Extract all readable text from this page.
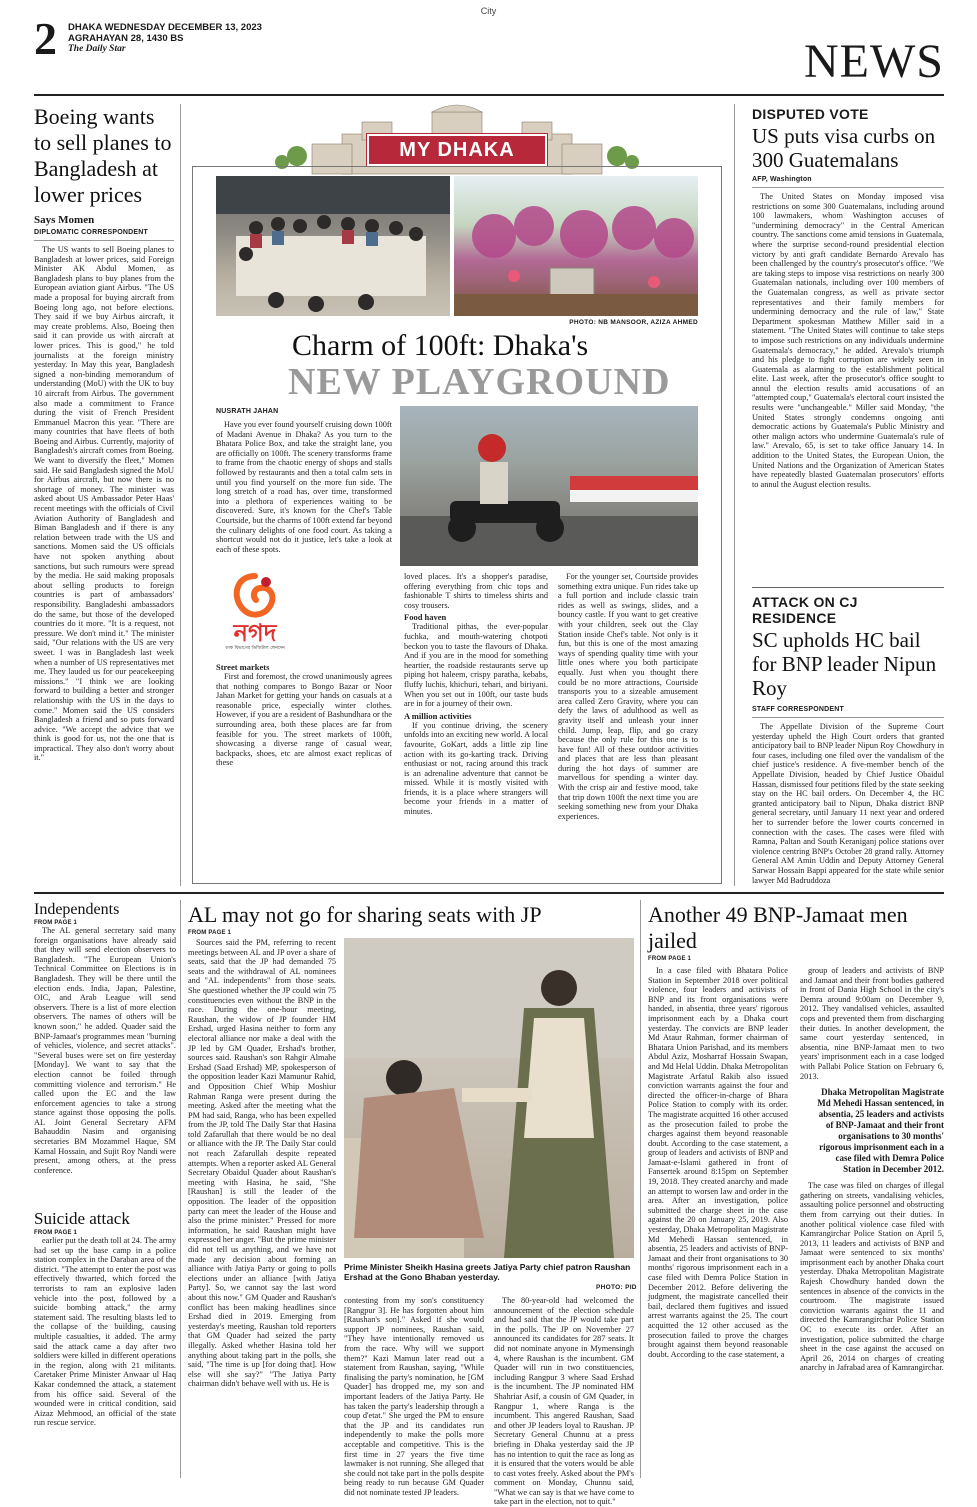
City
2 DHAKA WEDNESDAY DECEMBER 13, 2023
AGRAHAYAN 28, 1430 BS
The Daily Star	NEWS
Boeing wants to sell planes to Bangladesh at lower prices
Says Momen
DIPLOMATIC CORRESPONDENT
The US wants to sell Boeing planes to Bangladesh at lower prices, said Foreign Minister AK Abdul Momen, as Bangladesh plans to buy planes from the European aviation giant Airbus. "The US made a proposal for buying aircraft from Boeing long ago, not before elections. They said if we buy Airbus aircraft, it may create problems. Also, Boeing then said it can provide us with aircraft at lower prices. This is good," he told journalists at the foreign ministry yesterday. In May this year, Bangladesh signed a non-binding memorandum of understanding (MoU) with the UK to buy 10 aircraft from Airbus. The government also made a commitment to France during the visit of French President Emmanuel Macron this year. "There are many countries that have fleets of both Boeing and Airbus. Currently, majority of Bangladesh's aircraft comes from Boeing. We want to diversify the fleet," Momen said. He said Bangladesh signed the MoU for Airbus aircraft, but now there is no shortage of money. The minister was asked about US Ambassador Peter Haas' recent meetings with the officials of Civil Aviation Authority of Bangladesh and Biman Bangladesh and if there is any relation between trade with the US and sanctions. Momen said the US officials have not spoken anything about sanctions, but such rumours were spread by the media. He said making proposals about selling products to foreign countries is part of ambassadors' responsibility. Bangladeshi ambassadors do the same, but those of the developed countries do it more. "It is a request, not pressure. We don't mind it." The minister said, "Our relations with the US are very sweet. I was in Bangladesh last week when a number of US representatives met me. They lauded us for our peacekeeping missions." "I think we are looking forward to building a better and stronger relationship with the US in the days to come." Momen said the US considers Bangladesh a friend and so puts forward advice. "We accept the advice that we think is good for us, not the one that is impractical. They also don't worry about it."
MY DHAKA
PHOTO: NB MANSOOR, AZIZA AHMED
Charm of 100ft: Dhaka's
NEW PLAYGROUND
NUSRATH JAHAN
Have you ever found yourself cruising down 100ft of Madani Avenue in Dhaka? As you turn to the Bhatara Police Box, and take the straight lane, you are officially on 100ft. The scenery transforms frame to frame from the chaotic energy of shops and stalls followed by restaurants and then a total calm sets in until you find yourself on the more fun side. The long stretch of a road has, over time, transformed into a plethora of experiences waiting to be discovered. Sure, it's known for the Chef's Table Courtside, but the charms of 100ft extend far beyond the culinary delights of one food court. As taking a shortcut would not do it justice, let's take a look at each of these spots.
নগদ
ডাক বিভাগের ডিজিটাল লেনদেন
Street markets
First and foremost, the crowd unanimously agrees that nothing compares to Bongo Bazar or Noor Jahan Market for getting your hands on casuals at a reasonable price, especially winter clothes. However, if you are a resident of Bashundhara or the surrounding area, both these places are far from feasible for you. The street markets of 100ft, showcasing a diverse range of casual wear, backpacks, shoes, etc are almost exact replicas of these
loved places. It's a shopper's paradise, offering everything from chic tops and fashionable T shirts to timeless shirts and cosy trousers.
Food haven
Traditional pithas, the ever-popular fuchka, and mouth-watering chotpoti beckon you to taste the flavours of Dhaka. And if you are in the mood for something heartier, the roadside restaurants serve up piping hot haleem, crispy paratha, kebabs, fluffy luchis, khichuri, tehari, and biriyani. When you set out in 100ft, our taste buds are in for a journey of their own.
A million activities
If you continue driving, the scenery unfolds into an exciting new world. A local favourite, GoKart, adds a little zip line action with its go-karting track. Driving enthusiast or not, racing around this track is an adrenaline adventure that cannot be missed. While it is mostly visited with friends, it is a place where strangers will become your friends in a matter of minutes.
For the younger set, Courtside provides something extra unique. Fun rides take up a full portion and include classic train rides as well as swings, slides, and a bouncy castle. If you want to get creative with your children, seek out the Clay Station inside Chef's table. Not only is it fun, but this is one of the most amazing ways of spending quality time with your little ones where you both participate equally. Just when you thought there could be no more attractions, Courtside transports you to a sizeable amusement area called Zero Gravity, where you can defy the laws of adulthood as well as gravity itself and unleash your inner child. Jump, leap, flip, and go crazy because the only rule for this one is to have fun! All of these outdoor activities and places that are less than pleasant during the hot days of summer are marvellous for spending a winter day. With the crisp air and festive mood, take that trip down 100ft the next time you are seeking something new from your Dhaka experiences.
DISPUTED VOTE
US puts visa curbs on 300 Guatemalans
AFP, Washington
The United States on Monday imposed visa restrictions on some 300 Guatemalans, including around 100 lawmakers, whom Washington accuses of "undermining democracy" in the Central American country. The sanctions come amid tensions in Guatemala, where the surprise second-round presidential election victory by anti graft candidate Bernardo Arevalo has been challenged by the country's prosecutor's office. "We are taking steps to impose visa restrictions on nearly 300 Guatemalan nationals, including over 100 members of the Guatemalan congress, as well as private sector representatives and their family members for undermining democracy and the rule of law," State Department spokesman Matthew Miller said in a statement. "The United States will continue to take steps to impose such restrictions on any individuals undermine Guatemala's democracy," he added. Arevalo's triumph and his pledge to fight corruption are widely seen in Guatemala as alarming to the establishment political elite. Last week, after the prosecutor's office sought to annul the election results amid accusations of an "attempted coup," Guatemala's electoral court insisted the results were "unchangeable." Miller said Monday, "the United States strongly condemns ongoing anti democratic actions by Guatemala's Public Ministry and other malign actors who undermine Guatemala's rule of law." Arevalo, 65, is set to take office January 14. In addition to the United States, the European Union, the United Nations and the Organization of American States have repeatedly blasted Guatemalan prosecutors' efforts to annul the August election results.
ATTACK ON CJ RESIDENCE
SC upholds HC bail for BNP leader Nipun Roy
STAFF CORRESPONDENT
The Appellate Division of the Supreme Court yesterday upheld the High Court orders that granted anticipatory bail to BNP leader Nipun Roy Chowdhury in four cases, including one filed over the vandalism of the chief justice's residence. A five-member bench of the Appellate Division, headed by Chief Justice Obaidul Hassan, dismissed four petitions filed by the state seeking stay on the HC bail orders. On December 4, the HC granted anticipatory bail to Nipun, Dhaka district BNP general secretary, until January 11 next year and ordered her to surrender before the lower courts concerned in connection with the cases. The cases were filed with Ramna, Paltan and South Keraniganj police stations over violence centring BNP's October 28 grand rally. Attorney General AM Amin Uddin and Deputy Attorney General Sarwar Hossain Bappi appeared for the state while senior lawyer Md Badruddoza
Independents
FROM PAGE 1
The AL general secretary said many foreign organisations have already said that they will send election observers to Bangladesh. "The European Union's Technical Committee on Elections is in Bangladesh. They will be there until the election ends. India, Japan, Palestine, OIC, and Arab League will send observers. There is a list of more election observers. The names of others will be known soon," he added. Quader said the BNP-Jamaat's programmes mean "burning of vehicles, violence, and secret attacks". "Several buses were set on fire yesterday [Monday]. We want to say that the election cannot be foiled through committing violence and terrorism." He called upon the EC and the law enforcement agencies to take a strong stance against those opposing the polls. AL Joint General Secretary AFM Bahauddin Nasim and organising secretaries BM Mozammel Haque, SM Kamal Hossain, and Sujit Roy Nandi were present, among others, at the press conference.
Suicide attack
FROM PAGE 1
earlier put the death toll at 24. The army had set up the base camp in a police station complex in the Daraban area of the district. "The attempt to enter the post was effectively thwarted, which forced the terrorists to ram an explosive laden vehicle into the post, followed by a suicide bombing attack," the army statement said. The resulting blasts led to the collapse of the building, causing multiple casualties, it added. The army said the attack came a day after two soldiers were killed in different operations in the region, along with 21 militants. Caretaker Prime Minister Anwaar ul Haq Kakar condemned the attack, a statement from his office said. Several of the wounded were in critical condition, said Aizaz Mehmood, an official of the state run rescue service.
AL may not go for sharing seats with JP
FROM PAGE 1
Sources said the PM, referring to recent meetings between AL and JP over a share of seats, said that the JP had demanded 75 seats and the withdrawal of AL nominees and "AL independents" from those seats. She questioned whether the JP could win 75 constituencies even without the BNP in the race. During the one-hour meeting, Raushan, the widow of JP founder HM Ershad, urged Hasina neither to form any electoral alliance nor make a deal with the JP led by GM Quader, Ershad's brother, sources said. Raushan's son Rahgir Almahe Ershad (Saad Ershad) MP, spokesperson of the opposition leader Kazi Mamunur Rahid, and Opposition Chief Whip Moshiur Rahman Ranga were present during the meeting. Asked after the meeting what the PM had said, Ranga, who has been expelled from the JP, told The Daily Star that Hasina told Zafarullah that there would be no deal or alliance with the JP. The Daily Star could not reach Zafarullah despite repeated attempts. When a reporter asked AL General Secretary Obaidul Quader about Raushan's meeting with Hasina, he said, "She [Raushan] is still the leader of the opposition. The leader of the opposition party can meet the leader of the House and also the prime minister." Pressed for more information, he said Raushan might have expressed her anger. "But the prime minister did not tell us anything, and we have not made any decision about forming an alliance with Jatiya Party or going to polls elections under an alliance [with Jatiya Party]. So, we cannot say the last word about this now." GM Quader and Raushan's conflict has been making headlines since Ershad died in 2019. Emerging from yesterday's meeting, Raushan told reporters that GM Quader had seized the party illegally. Asked whether Hasina told her anything about taking part in the polls, she said, "The time is up [for doing that]. How else will she say?" "The Jatiya Party chairman didn't behave well with us. He is
Prime Minister Sheikh Hasina greets Jatiya Party chief patron Raushan Ershad at the Gono Bhaban yesterday.
PHOTO: PID
contesting from my son's constituency [Rangpur 3]. He has forgotten about him [Raushan's son]." Asked if she would support JP nominees, Raushan said, "They have intentionally removed us from the race. Why will we support them?" Kazi Mamun later read out a statement from Raushan, saying, "While finalising the party's nomination, he [GM Quader] has dropped me, my son and important leaders of the Jatiya Party. He has taken the party's leadership through a coup d'etat." She urged the PM to ensure that the JP and its candidates run independently to make the polls more acceptable and competitive. This is the first time in 27 years the five time lawmaker is not running. She alleged that she could not take part in the polls despite being ready to run because GM Quader did not nominate tested JP leaders.
The 80-year-old had welcomed the announcement of the election schedule and had said that the JP would take part in the polls. The JP on November 27 announced its candidates for 287 seats. It did not nominate anyone in Mymensingh 4, where Raushan is the incumbent. GM Quader will run in two constituencies, including Rangpur 3 where Saad Ershad is the incumbent. The JP nominated HM Shahriar Asif, a cousin of GM Quader, in Rangpur 1, where Ranga is the incumbent. This angered Raushan, Saad and other JP leaders loyal to Raushan. JP Secretary General Chunnu at a press briefing in Dhaka yesterday said the JP has no intention to quit the race as long as it is ensured that the voters would be able to cast votes freely. Asked about the PM's comment on Monday, Chunnu said, "What we can say is that we have come to take part in the election, not to quit."
Another 49 BNP-Jamaat men jailed
FROM PAGE 1
In a case filed with Bhatara Police Station in September 2018 over political violence, four leaders and activists of BNP and its front organisations were handed, in absentia, three years' rigorous imprisonment each by a Dhaka court yesterday. The convicts are BNP leader Md Ataur Rahman, former chairman of Bhatara Union Parishad, and its members Abdul Aziz, Mosharraf Hossain Swapan, and Md Helal Uddin. Dhaka Metropolitan Magistrate Arfatul Rakib also issued conviction warrants against the four and directed the officer-in-charge of Bhara Police Station to comply with its order. The magistrate acquitted 16 other accused as the prosecution failed to probe the charges against them beyond reasonable doubt. According to the case statement, a group of leaders and activists of BNP and Jamaat-e-Islami gathered in front of Fansertek around 8:15pm on September 19, 2018. They created anarchy and made an attempt to worsen law and order in the area. After an investigation, police submitted the charge sheet in the case against the 20 on January 25, 2019. Also yesterday, Dhaka Metropolitan Magistrate Md Mehedi Hassan sentenced, in absentia, 25 leaders and activists of BNP-Jamaat and their front organisations to 30 months' rigorous imprisonment each in a case filed with Demra Police Station in December 2012. Before delivering the judgment, the magistrate cancelled their bail, declared them fugitives and issued arrest warrants against the 25. The court acquitted the 12 other accused as the prosecution failed to prove the charges brought against them beyond reasonable doubt. According to the case statement, a
group of leaders and activists of BNP and Jamaat and their front bodies gathered in front of Dania High School in the city's Demra around 9:00am on December 9, 2012. They vandalised vehicles, assaulted cops and prevented them from discharging their duties. In another development, the same court yesterday sentenced, in absentia, nine BNP-Jamaat men to two years' imprisonment each in a case lodged with Pallabi Police Station on February 6, 2013.
Dhaka Metropolitan Magistrate Md Mehedi Hassan sentenced, in absentia, 25 leaders and activists of BNP-Jamaat and their front organisations to 30 months' rigorous imprisonment each in a case filed with Demra Police Station in December 2012.
The case was filed on charges of illegal gathering on streets, vandalising vehicles, assaulting police personnel and obstructing them from carrying out their duties. In another political violence case filed with Kamrangirchar Police Station on April 5, 2013, 11 leaders and activists of BNP and Jamaat were sentenced to six months' imprisonment each by another Dhaka court yesterday. Dhaka Metropolitan Magistrate Rajesh Chowdhury handed down the sentences in absence of the convicts in the courtroom. The magistrate issued conviction warrants against the 11 and directed the Kamrangirchar Police Station OC to execute its order. After an investigation, police submitted the charge sheet in the case against the accused on April 26, 2014 on charges of creating anarchy in Jafrabad area of Kamrangirchar.
